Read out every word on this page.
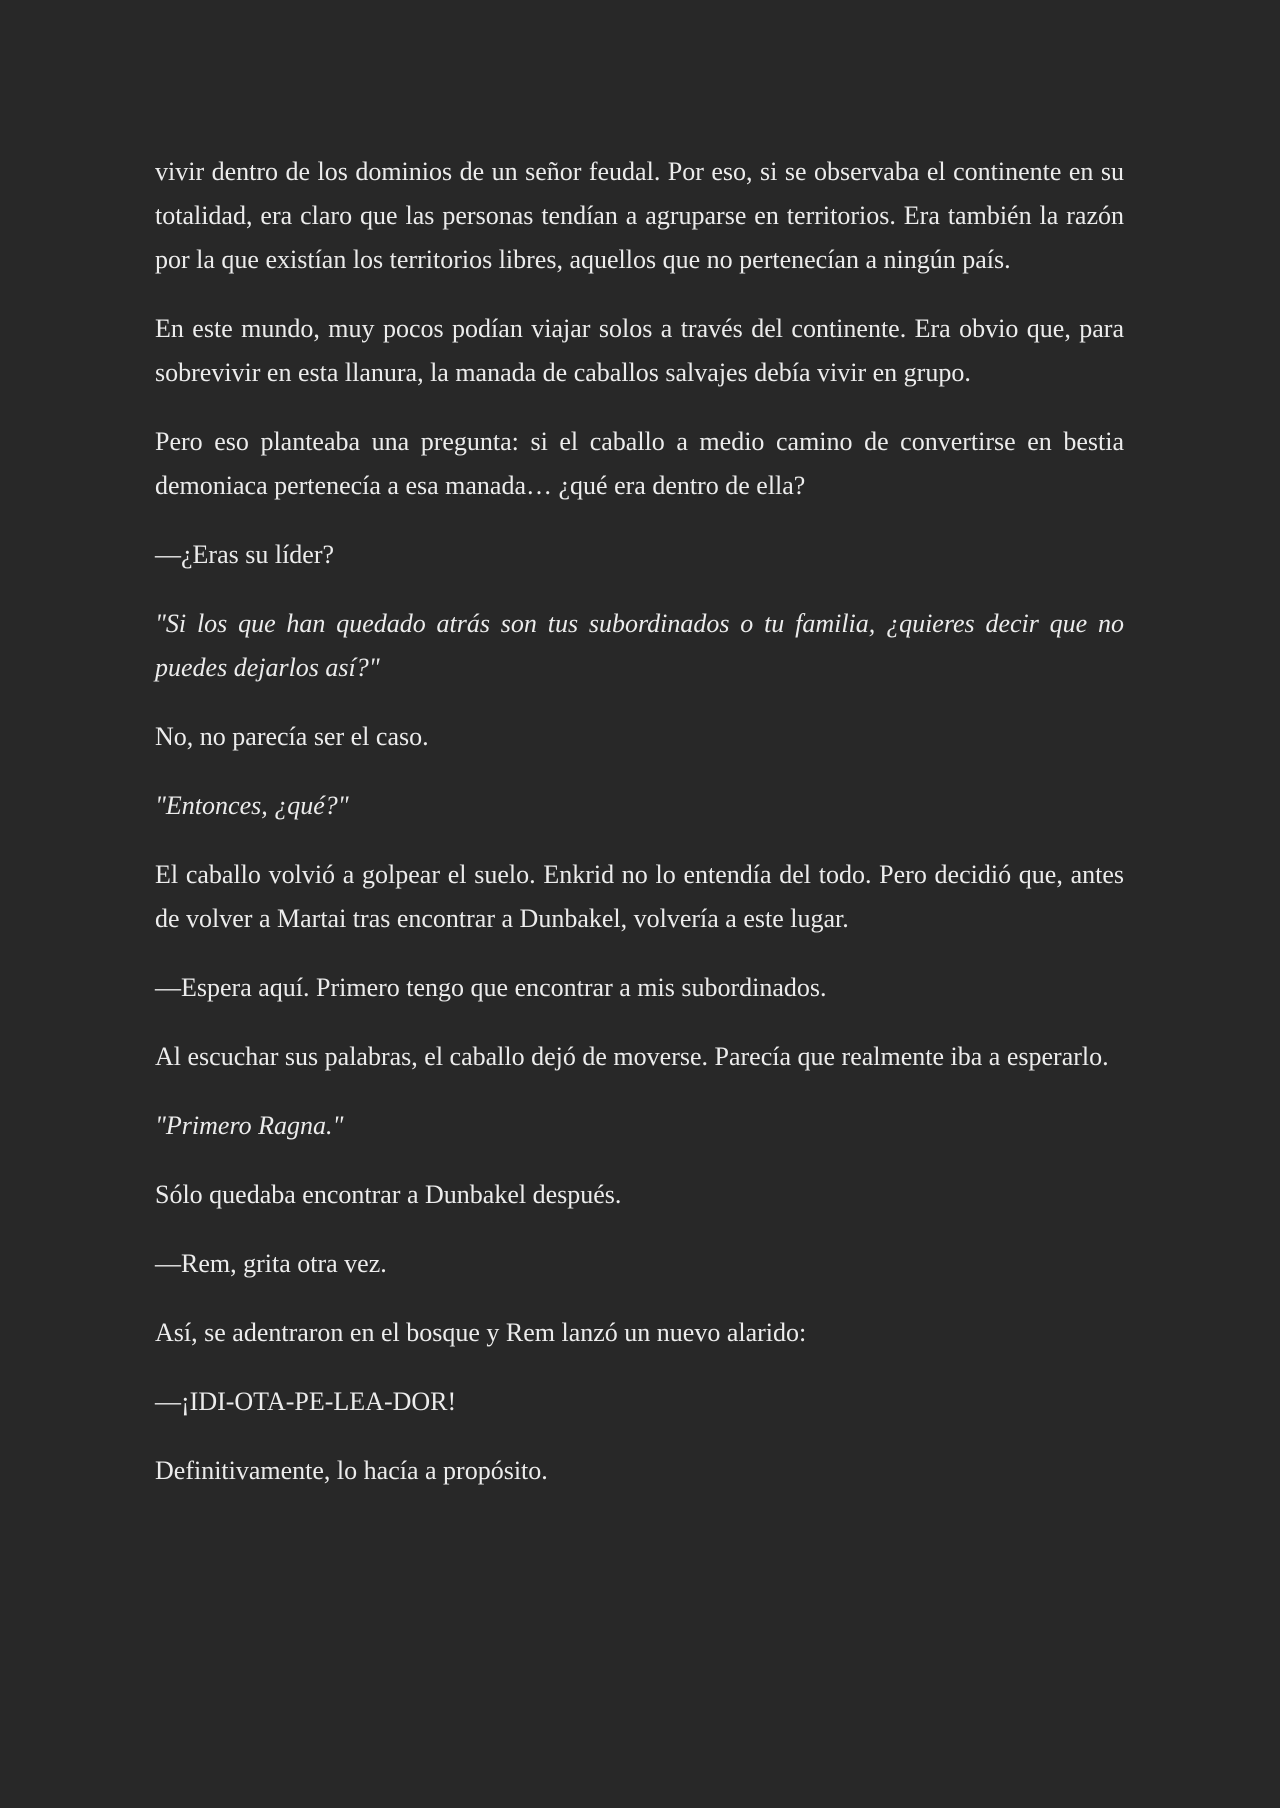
vivir dentro de los dominios de un señor feudal. Por eso, si se observaba el continente en su totalidad, era claro que las personas tendían a agruparse en territorios. Era también la razón por la que existían los territorios libres, aquellos que no pertenecían a ningún país.

En este mundo, muy pocos podían viajar solos a través del continente. Era obvio que, para sobrevivir en esta llanura, la manada de caballos salvajes debía vivir en grupo.

Pero eso planteaba una pregunta: si el caballo a medio camino de convertirse en bestia demoniaca pertenecía a esa manada… ¿qué era dentro de ella?

—¿Eras su líder?

"Si los que han quedado atrás son tus subordinados o tu familia, ¿quieres decir que no puedes dejarlos así?"

No, no parecía ser el caso.

"Entonces, ¿qué?"

El caballo volvió a golpear el suelo. Enkrid no lo entendía del todo. Pero decidió que, antes de volver a Martai tras encontrar a Dunbakel, volvería a este lugar.

—Espera aquí. Primero tengo que encontrar a mis subordinados.

Al escuchar sus palabras, el caballo dejó de moverse. Parecía que realmente iba a esperarlo.

"Primero Ragna."

Sólo quedaba encontrar a Dunbakel después.

—Rem, grita otra vez.

Así, se adentraron en el bosque y Rem lanzó un nuevo alarido:

—¡IDI-OTA-PE-LEA-DOR!

Definitivamente, lo hacía a propósito.
